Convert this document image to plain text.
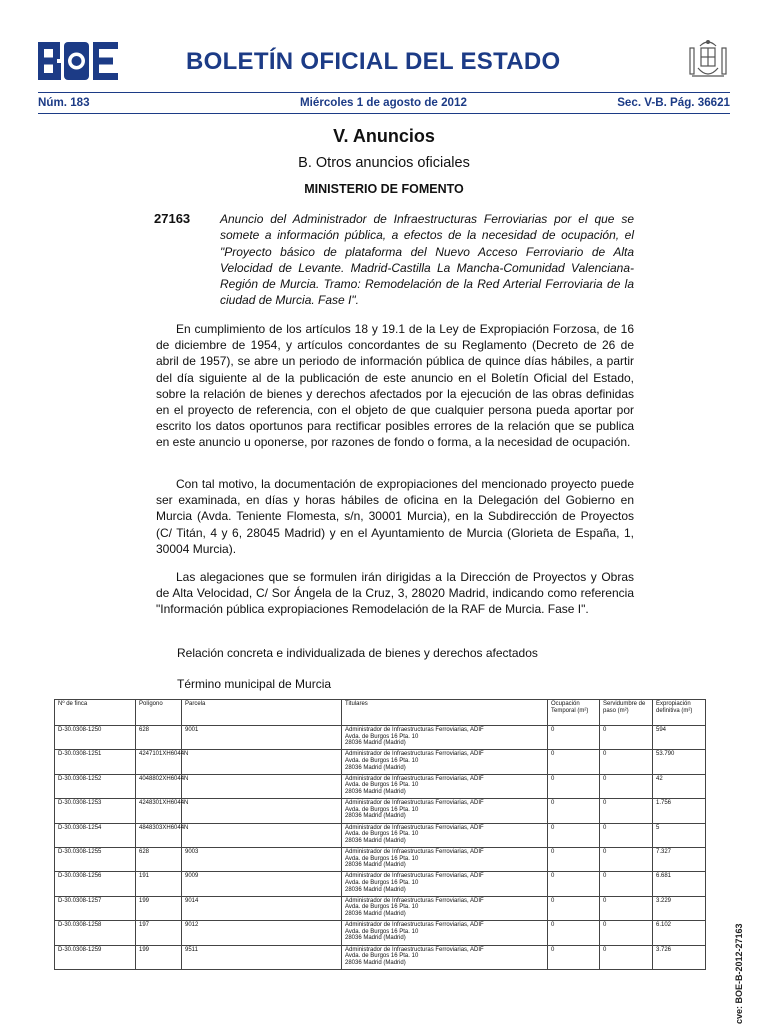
BOLETÍN OFICIAL DEL ESTADO
Núm. 183	Miércoles 1 de agosto de 2012	Sec. V-B. Pág. 36621
V. Anuncios
B. Otros anuncios oficiales
MINISTERIO DE FOMENTO
27163 Anuncio del Administrador de Infraestructuras Ferroviarias por el que se somete a información pública, a efectos de la necesidad de ocupación, el "Proyecto básico de plataforma del Nuevo Acceso Ferroviario de Alta Velocidad de Levante. Madrid-Castilla La Mancha-Comunidad Valenciana-Región de Murcia. Tramo: Remodelación de la Red Arterial Ferroviaria de la ciudad de Murcia. Fase I".

En cumplimiento de los artículos 18 y 19.1 de la Ley de Expropiación Forzosa, de 16 de diciembre de 1954, y artículos concordantes de su Reglamento (Decreto de 26 de abril de 1957), se abre un periodo de información pública de quince días hábiles, a partir del día siguiente al de la publicación de este anuncio en el Boletín Oficial del Estado, sobre la relación de bienes y derechos afectados por la ejecución de las obras definidas en el proyecto de referencia, con el objeto de que cualquier persona pueda aportar por escrito los datos oportunos para rectificar posibles errores de la relación que se publica en este anuncio u oponerse, por razones de fondo o forma, a la necesidad de ocupación.

Con tal motivo, la documentación de expropiaciones del mencionado proyecto puede ser examinada, en días y horas hábiles de oficina en la Delegación del Gobierno en Murcia (Avda. Teniente Flomesta, s/n, 30001 Murcia), en la Subdirección de Proyectos (C/ Titán, 4 y 6, 28045 Madrid) y en el Ayuntamiento de Murcia (Glorieta de España, 1, 30004 Murcia).

Las alegaciones que se formulen irán dirigidas a la Dirección de Proyectos y Obras de Alta Velocidad, C/ Sor Ángela de la Cruz, 3, 28020 Madrid, indicando como referencia "Información pública expropiaciones Remodelación de la RAF de Murcia. Fase I".

Relación concreta e individualizada de bienes y derechos afectados
Término municipal de Murcia
Nº de finca	Polígono	Parcela	Titulares	Ocupación Temporal (m²)	Servidumbre de paso (m²)	Expropiación definitiva (m²)
D-30.0308-1250	628	9001	Administrador de Infraestructuras Ferroviarias, ADIF
Avda. de Burgos 16 Pta. 10
28036 Madrid (Madrid)	0	0	594
D-30.0308-1251	4247101XH6044N		Administrador de Infraestructuras Ferroviarias, ADIF
Avda. de Burgos 16 Pta. 10
28036 Madrid (Madrid)	0	0	53.790
D-30.0308-1252	4048802XH6044N		Administrador de Infraestructuras Ferroviarias, ADIF
Avda. de Burgos 16 Pta. 10
28036 Madrid (Madrid)	0	0	42
D-30.0308-1253	4248301XH6044N		Administrador de Infraestructuras Ferroviarias, ADIF
Avda. de Burgos 16 Pta. 10
28036 Madrid (Madrid)	0	0	1.756
D-30.0308-1254	4848303XH6044N		Administrador de Infraestructuras Ferroviarias, ADIF
Avda. de Burgos 16 Pta. 10
28036 Madrid (Madrid)	0	0	5
D-30.0308-1255	628	9003	Administrador de Infraestructuras Ferroviarias, ADIF
Avda. de Burgos 16 Pta. 10
28036 Madrid (Madrid)	0	0	7.327
D-30.0308-1256	191	9009	Administrador de Infraestructuras Ferroviarias, ADIF
Avda. de Burgos 16 Pta. 10
28036 Madrid (Madrid)	0	0	6.681
D-30.0308-1257	199	9014	Administrador de Infraestructuras Ferroviarias, ADIF
Avda. de Burgos 16 Pta. 10
28036 Madrid (Madrid)	0	0	3.229
D-30.0308-1258	197	9012	Administrador de Infraestructuras Ferroviarias, ADIF
Avda. de Burgos 16 Pta. 10
28036 Madrid (Madrid)	0	0	6.102
D-30.0308-1259	199	9511	Administrador de Infraestructuras Ferroviarias, ADIF
Avda. de Burgos 16 Pta. 10
28036 Madrid (Madrid)	0	0	3.726	cve: BOE-B-2012-27163
